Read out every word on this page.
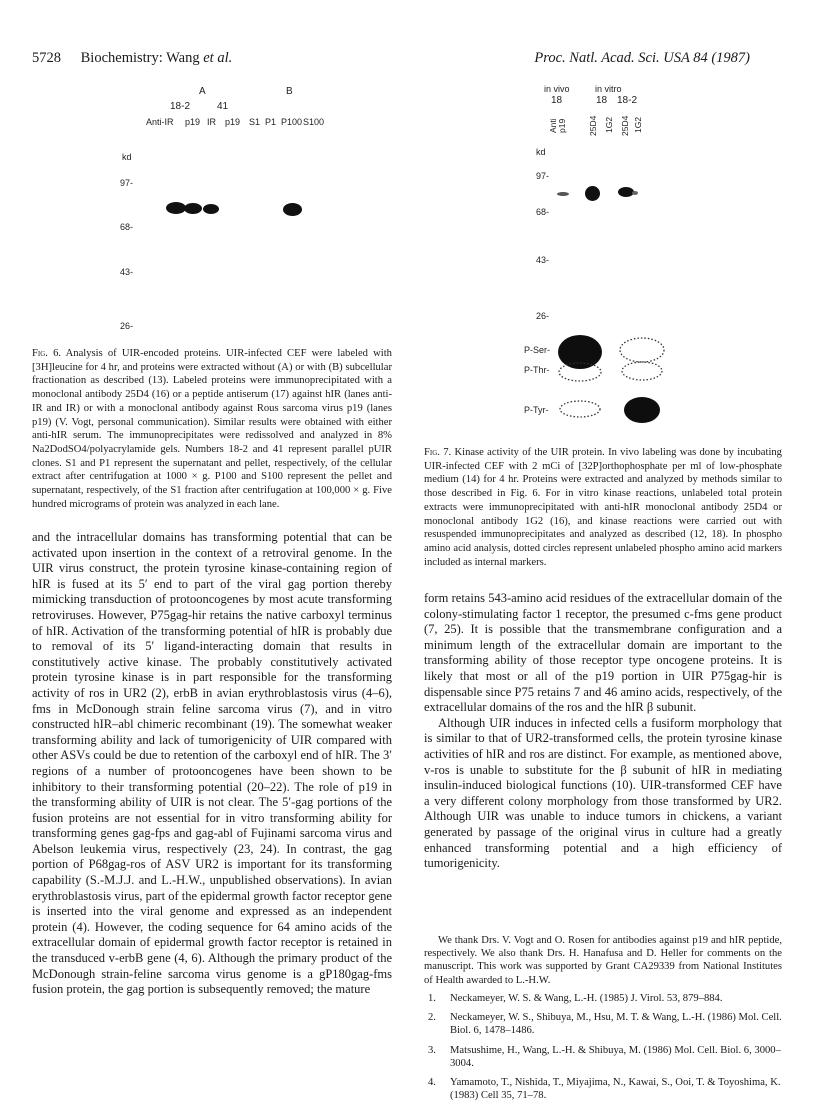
5728 Biochemistry: Wang et al.	Proc. Natl. Acad. Sci. USA 84 (1987)
A	B
18-2	41
Anti-IR p19 IR p19 S1 P1 P100 S100
kd
97-
68-
43-
26-
Fig. 6. Analysis of UIR-encoded proteins. UIR-infected CEF were labeled with [3H]leucine for 4 hr, and proteins were extracted without (A) or with (B) subcellular fractionation as described (13). Labeled proteins were immunoprecipitated with a monoclonal antibody 25D4 (16) or a peptide antiserum (17) against hIR (lanes anti-IR and IR) or with a monoclonal antibody against Rous sarcoma virus p19 (lanes p19) (V. Vogt, personal communication). Similar results were obtained with either anti-hIR serum. The immunoprecipitates were redissolved and analyzed in 8% Na2DodSO4/polyacrylamide gels. Numbers 18-2 and 41 represent parallel pUIR clones. S1 and P1 represent the supernatant and pellet, respectively, of the cellular extract after centrifugation at 1000 × g. P100 and S100 represent the pellet and supernatant, respectively, of the S1 fraction after centrifugation at 100,000 × g. Five hundred micrograms of protein was analyzed in each lane.

and the intracellular domains has transforming potential that can be activated upon insertion in the context of a retroviral genome. In the UIR virus construct, the protein tyrosine kinase-containing region of hIR is fused at its 5′ end to part of the viral gag portion thereby mimicking transduction of protooncogenes by most acute transforming retroviruses. However, P75gag-hir retains the native carboxyl terminus of hIR. Activation of the transforming potential of hIR is probably due to removal of its 5′ ligand-interacting domain that results in constitutively active kinase. The probably constitutively activated protein tyrosine kinase is in part responsible for the transforming activity of ros in UR2 (2), erbB in avian erythroblastosis virus (4–6), fms in McDonough strain feline sarcoma virus (7), and in vitro constructed hIR–abl chimeric recombinant (19). The somewhat weaker transforming ability and lack of tumorigenicity of UIR compared with other ASVs could be due to retention of the carboxyl end of hIR. The 3′ regions of a number of protooncogenes have been shown to be inhibitory to their transforming potential (20–22). The role of p19 in the transforming ability of UIR is not clear. The 5′-gag portions of the fusion proteins are not essential for in vitro transforming ability for transforming genes gag-fps and gag-abl of Fujinami sarcoma virus and Abelson leukemia virus, respectively (23, 24). In contrast, the gag portion of P68gag-ros of ASV UR2 is important for its transforming capability (S.-M.J.J. and L.-H.W., unpublished observations). In avian erythroblastosis virus, part of the epidermal growth factor receptor gene is inserted into the viral genome and expressed as an independent protein (4). However, the coding sequence for 64 amino acids of the extracellular domain of epidermal growth factor receptor is retained in the transduced v-erbB gene (4, 6). Although the primary product of the McDonough strain-feline sarcoma virus genome is a gP180gag-fms fusion protein, the gag portion is subsequently removed; the mature

in vivo	in vitro
18	18 18-2
Anti p19 25D4 1G2 25D4 1G2
kd
97-
68-
43-
26-
P-Ser-
P-Thr-
P-Tyr-
Fig. 7. Kinase activity of the UIR protein. In vivo labeling was done by incubating UIR-infected CEF with 2 mCi of [32P]orthophosphate per ml of low-phosphate medium (14) for 4 hr. Proteins were extracted and analyzed by methods similar to those described in Fig. 6. For in vitro kinase reactions, unlabeled total protein extracts were immunoprecipitated with anti-hIR monoclonal antibody 25D4 or monoclonal antibody 1G2 (16), and kinase reactions were carried out with resuspended immunoprecipitates and analyzed as described (12, 18). In phospho amino acid analysis, dotted circles represent unlabeled phospho amino acid markers included as internal markers.

form retains 543-amino acid residues of the extracellular domain of the colony-stimulating factor 1 receptor, the presumed c-fms gene product (7, 25). It is possible that the transmembrane configuration and a minimum length of the extracellular domain are important to the transforming ability of those receptor type oncogene proteins. It is likely that most or all of the p19 portion in UIR P75gag-hir is dispensable since P75 retains 7 and 46 amino acids, respectively, of the extracellular domains of the ros and the hIR β subunit.

Although UIR induces in infected cells a fusiform morphology that is similar to that of UR2-transformed cells, the protein tyrosine kinase activities of hIR and ros are distinct. For example, as mentioned above, v-ros is unable to substitute for the β subunit of hIR in mediating insulin-induced biological functions (10). UIR-transformed CEF have a very different colony morphology from those transformed by UR2. Although UIR was unable to induce tumors in chickens, a variant generated by passage of the original virus in culture had a greatly enhanced transforming potential and a high efficiency of tumorigenicity.

We thank Drs. V. Vogt and O. Rosen for antibodies against p19 and hIR peptide, respectively. We also thank Drs. H. Hanafusa and D. Heller for comments on the manuscript. This work was supported by Grant CA29339 from National Institutes of Health awarded to L.-H.W.
1.	Neckameyer, W. S. & Wang, L.-H. (1985) J. Virol. 53, 879–884.
2.	Neckameyer, W. S., Shibuya, M., Hsu, M. T. & Wang, L.-H. (1986) Mol. Cell. Biol. 6, 1478–1486.
3.	Matsushime, H., Wang, L.-H. & Shibuya, M. (1986) Mol. Cell. Biol. 6, 3000–3004.
4.	Yamamoto, T., Nishida, T., Miyajima, N., Kawai, S., Ooi, T. & Toyoshima, K. (1983) Cell 35, 71–78.
